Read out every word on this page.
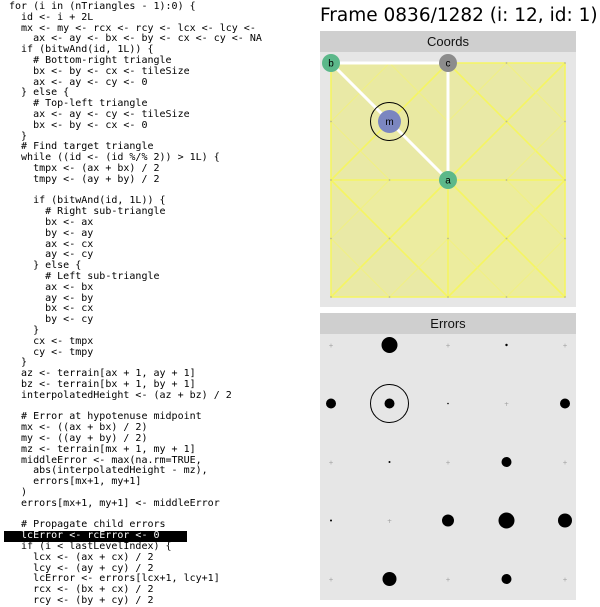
for (i in (nTriangles - 1):0) {
id <- i + 2L
mx <- my <- rcx <- rcy <- lcx <- lcy <-
ax <- ay <- bx <- by <- cx <- cy <- NA
if (bitwAnd(id, 1L)) {
# Bottom-right triangle
bx <- by <- cx <- tileSize
ax <- ay <- cy <- 0
} else {
# Top-left triangle
ax <- ay <- cy <- tileSize
bx <- by <- cx <- 0
}
# Find target triangle
while ((id <- (id %/% 2)) > 1L) {
tmpx <- (ax + bx) / 2
tmpy <- (ay + by) / 2
if (bitwAnd(id, 1L)) {
# Right sub-triangle
bx <- ax
by <- ay
ax <- cx
ay <- cy
} else {
# Left sub-triangle
ax <- bx
ay <- by
bx <- cx
by <- cy
}
cx <- tmpx
cy <- tmpy
}
az <- terrain[ax + 1, ay + 1]
bz <- terrain[bx + 1, by + 1]
interpolatedHeight <- (az + bz) / 2
# Error at hypotenuse midpoint
mx <- ((ax + bx) / 2)
my <- ((ay + by) / 2)
mz <- terrain[mx + 1, my + 1]
middleError <- max(na.rm=TRUE,
abs(interpolatedHeight - mz),
errors[mx+1, my+1]
)
errors[mx+1, my+1] <- middleError
# Propagate child errors
lcError <- rcError <- 0
if (i < lastLevelIndex) {
lcx <- (ax + cx) / 2
lcy <- (ay + cy) / 2
lcError <- errors[lcx+1, lcy+1]
rcx <- (bx + cx) / 2
rcy <- (by + cy) / 2
Frame 0836/1282 (i: 12, id: 1)
Coords
b	c
m
a
Errors
+	+	+
+
+	+	+
+
+	+	+
